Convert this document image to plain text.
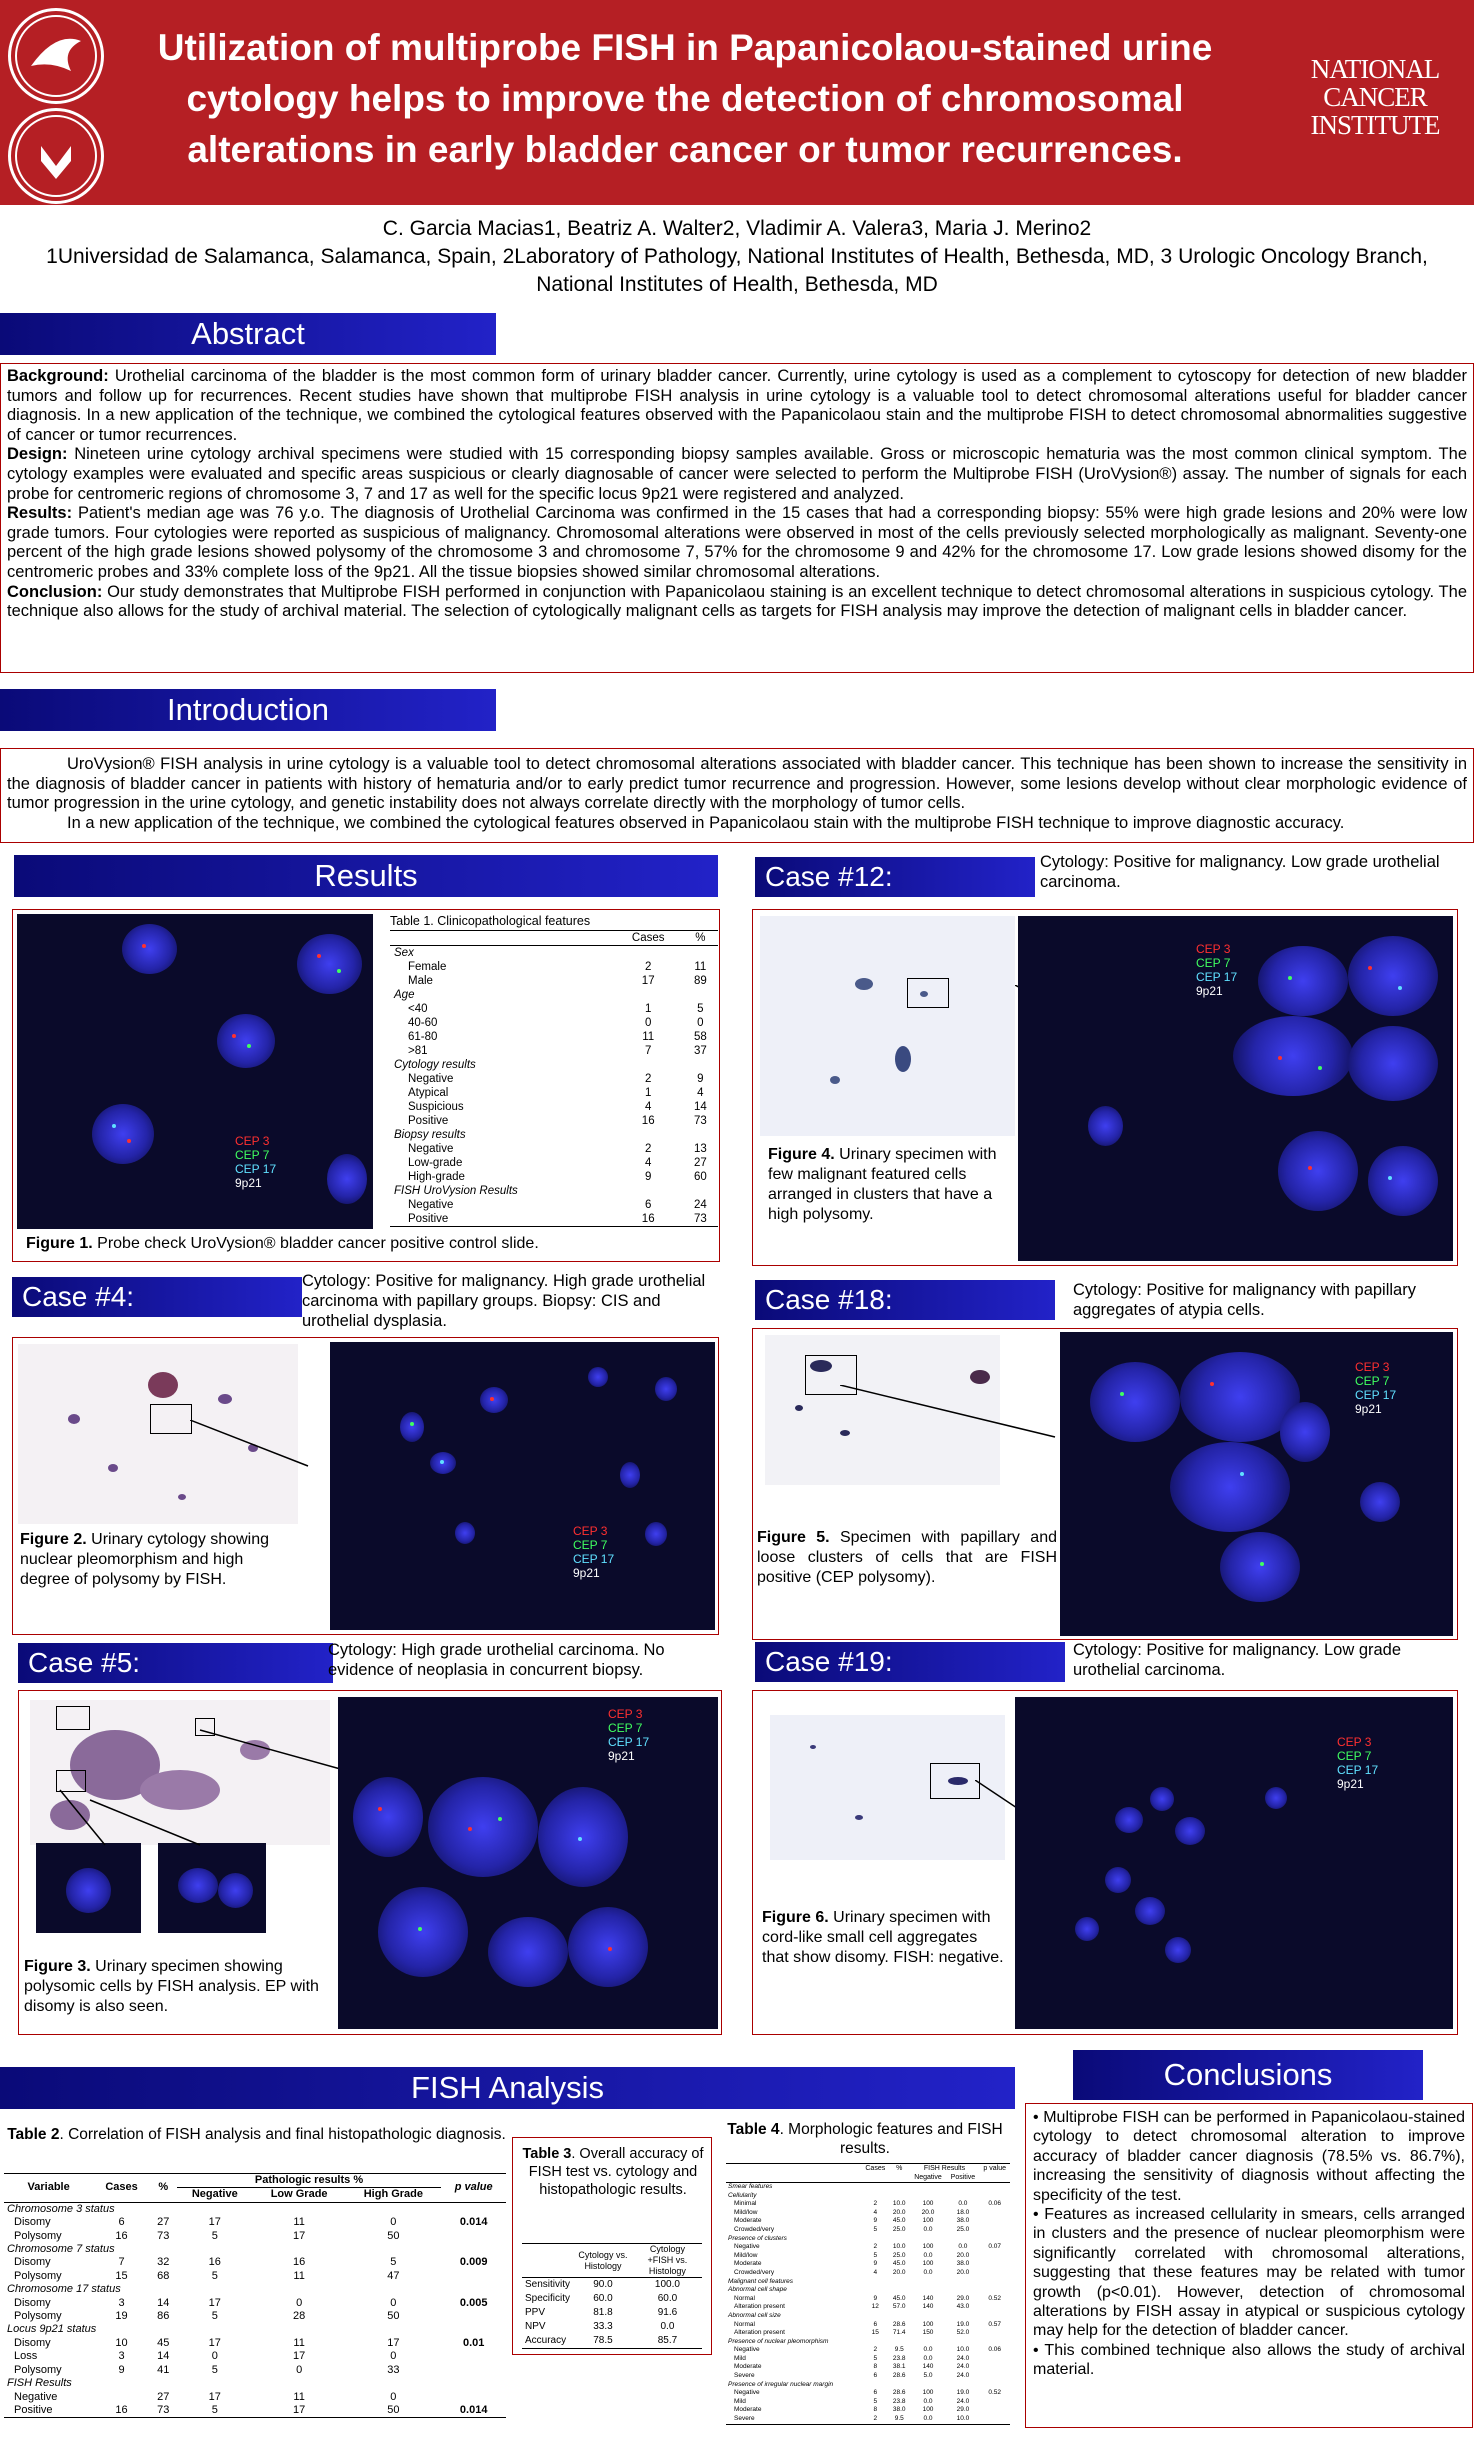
Utilization of multiprobe FISH in Papanicolaou-stained urine cytology helps to improve the detection of chromosomal alterations in early bladder cancer or tumor recurrences.
NATIONAL CANCER INSTITUTE
C. Garcia Macias1, Beatriz A. Walter2, Vladimir A. Valera3, Maria J. Merino2
1Universidad de Salamanca, Salamanca, Spain, 2Laboratory of Pathology, National Institutes of Health, Bethesda, MD, 3 Urologic Oncology Branch, National Institutes of Health, Bethesda, MD
Abstract
Background: Urothelial carcinoma of the bladder is the most common form of urinary bladder cancer. Currently, urine cytology is used as a complement to cytoscopy for detection of new bladder tumors and follow up for recurrences. Recent studies have shown that multiprobe FISH analysis in urine cytology is a valuable tool to detect chromosomal alterations useful for bladder cancer diagnosis. In a new application of the technique, we combined the cytological features observed with the Papanicolaou stain and the multiprobe FISH to detect chromosomal abnormalities suggestive of cancer or tumor recurrences.
Design: Nineteen urine cytology archival specimens were studied with 15 corresponding biopsy samples available. Gross or microscopic hematuria was the most common clinical symptom. The cytology examples were evaluated and specific areas suspicious or clearly diagnosable of cancer were selected to perform the Multiprobe FISH (UroVysion®) assay. The number of signals for each probe for centromeric regions of chromosome 3, 7 and 17 as well for the specific locus 9p21 were registered and analyzed.
Results: Patient's median age was 76 y.o. The diagnosis of Urothelial Carcinoma was confirmed in the 15 cases that had a corresponding biopsy: 55% were high grade lesions and 20% were low grade tumors. Four cytologies were reported as suspicious of malignancy. Chromosomal alterations were observed in most of the cells previously selected morphologically as malignant. Seventy-one percent of the high grade lesions showed polysomy of the chromosome 3 and chromosome 7, 57% for the chromosome 9 and 42% for the chromosome 17. Low grade lesions showed disomy for the centromeric probes and 33% complete loss of the 9p21. All the tissue biopsies showed similar chromosomal alterations.
Conclusion: Our study demonstrates that Multiprobe FISH performed in conjunction with Papanicolaou staining is an excellent technique to detect chromosomal alterations in suspicious cytology. The technique also allows for the study of archival material. The selection of cytologically malignant cells as targets for FISH analysis may improve the detection of malignant cells in bladder cancer.
Introduction
UroVysion® FISH analysis in urine cytology is a valuable tool to detect chromosomal alterations associated with bladder cancer. This technique has been shown to increase the sensitivity in the diagnosis of bladder cancer in patients with history of hematuria and/or to early predict tumor recurrence and progression. However, some lesions develop without clear morphologic evidence of tumor progression in the urine cytology, and genetic instability does not always correlate directly with the morphology of tumor cells.
In a new application of the technique, we combined the cytological features observed in Papanicolaou stain with the multiprobe FISH technique to improve diagnostic accuracy.
Results
CEP 3
CEP 7
CEP 17
9p21
Table 1. Clinicopathological features
	Cases	%
Sex		
Female	2	11
Male	17	89
Age		
<40	1	5
40-60	0	0
61-80	11	58
>81	7	37
Cytology results		
Negative	2	9
Atypical	1	4
Suspicious	4	14
Positive	16	73
Biopsy results		
Negative	2	13
Low-grade	4	27
High-grade	9	60
FISH UroVysion Results		
Negative	6	24
Positive	16	73
Figure 1. Probe check UroVysion® bladder cancer positive control slide.
Case #12:	Cytology: Positive for malignancy. Low grade urothelial carcinoma.
CEP 3
CEP 7
CEP 17
9p21
Figure 4. Urinary specimen with few malignant featured cells arranged in clusters that have a high polysomy.
Case #4:	Cytology: Positive for malignancy. High grade urothelial carcinoma with papillary groups. Biopsy: CIS and urothelial dysplasia.
CEP 3
CEP 7
CEP 17
9p21
Figure 2. Urinary cytology showing nuclear pleomorphism and high degree of polysomy by FISH.
Case #18:	Cytology: Positive for malignancy with papillary aggregates of atypia cells.
CEP 3
CEP 7
CEP 17
9p21
Figure 5. Specimen with papillary and loose clusters of cells that are FISH positive (CEP polysomy).
Case #5:	Cytology: High grade urothelial carcinoma. No evidence of neoplasia in concurrent biopsy.
CEP 3
CEP 7
CEP 17
9p21
Figure 3. Urinary specimen showing polysomic cells by FISH analysis. EP with disomy is also seen.
Case #19:	Cytology: Positive for malignancy. Low grade urothelial carcinoma.
CEP 3
CEP 7
CEP 17
9p21
Figure 6. Urinary specimen with cord-like small cell aggregates that show disomy. FISH: negative.
FISH Analysis
Table 2. Correlation of FISH analysis and final histopathologic diagnosis.
Variable	Cases	%	Pathologic results %			p value
			Negative	Low Grade	High Grade	
Chromosome 3 status						
Disomy	6	27	17	11	0	0.014
Polysomy	16	73	5	17	50	
Chromosome 7 status						
Disomy	7	32	16	16	5	0.009
Polysomy	15	68	5	11	47	
Chromosome 17 status						
Disomy	3	14	17	0	0	0.005
Polysomy	19	86	5	28	50	
Locus 9p21 status						
Disomy	10	45	17	11	17	0.01
Loss	3	14	0	17	0	
Polysomy	9	41	5	0	33	
FISH Results						
Negative		27	17	11	0	
Positive	16	73	5	17	50	0.014
Table 3. Overall accuracy of FISH test vs. cytology and histopathologic results.
	Cytology vs. Histology	Cytology +FISH vs. Histology
Sensitivity	90.0	100.0
Specificity	60.0	60.0
PPV	81.8	91.6
NPV	33.3	0.0
Accuracy	78.5	85.7
Table 4. Morphologic features and FISH results.
	Cases	%	FISH Results		p value
			Negative	Positive	
Smear features					
Cellularity					
Minimal	2	10.0	100	0.0	0.06
Mild/low	4	20.0	20.0	18.0	
Moderate	9	45.0	100	38.0	
Crowded/very	5	25.0	0.0	25.0	
Presence of clusters					
Negative	2	10.0	100	0.0	0.07
Mild/low	5	25.0	0.0	20.0	
Moderate	9	45.0	100	38.0	
Crowded/very	4	20.0	0.0	20.0	
Malignant cell features					
Abnormal cell shape					
Normal	9	45.0	140	29.0	0.52
Alteration present	12	57.0	140	43.0	
Abnormal cell size					
Normal	6	28.6	100	19.0	0.57
Alteration present	15	71.4	150	52.0	
Presence of nuclear pleomorphism					
Negative	2	9.5	0.0	10.0	0.06
Mild	5	23.8	0.0	24.0	
Moderate	8	38.1	140	24.0	
Severe	6	28.6	5.0	24.0	
Presence of irregular nuclear margin					
Negative	6	28.6	100	19.0	0.52
Mild	5	23.8	0.0	24.0	
Moderate	8	38.0	100	29.0	
Severe	2	9.5	0.0	10.0	
Conclusions
• Multiprobe FISH can be performed in Papanicolaou-stained cytology to detect chromosomal alteration to improve accuracy of bladder cancer diagnosis (78.5% vs. 86.7%), increasing the sensitivity of diagnosis without affecting the specificity of the test.
• Features as increased cellularity in smears, cells arranged in clusters and the presence of nuclear pleomorphism were significantly correlated with chromosomal alterations, suggesting that these features may be related with tumor growth (p<0.01). However, detection of chromosomal alterations by FISH assay in atypical or suspicious cytology may help for the detection of bladder cancer.
• This combined technique also allows the study of archival material.
